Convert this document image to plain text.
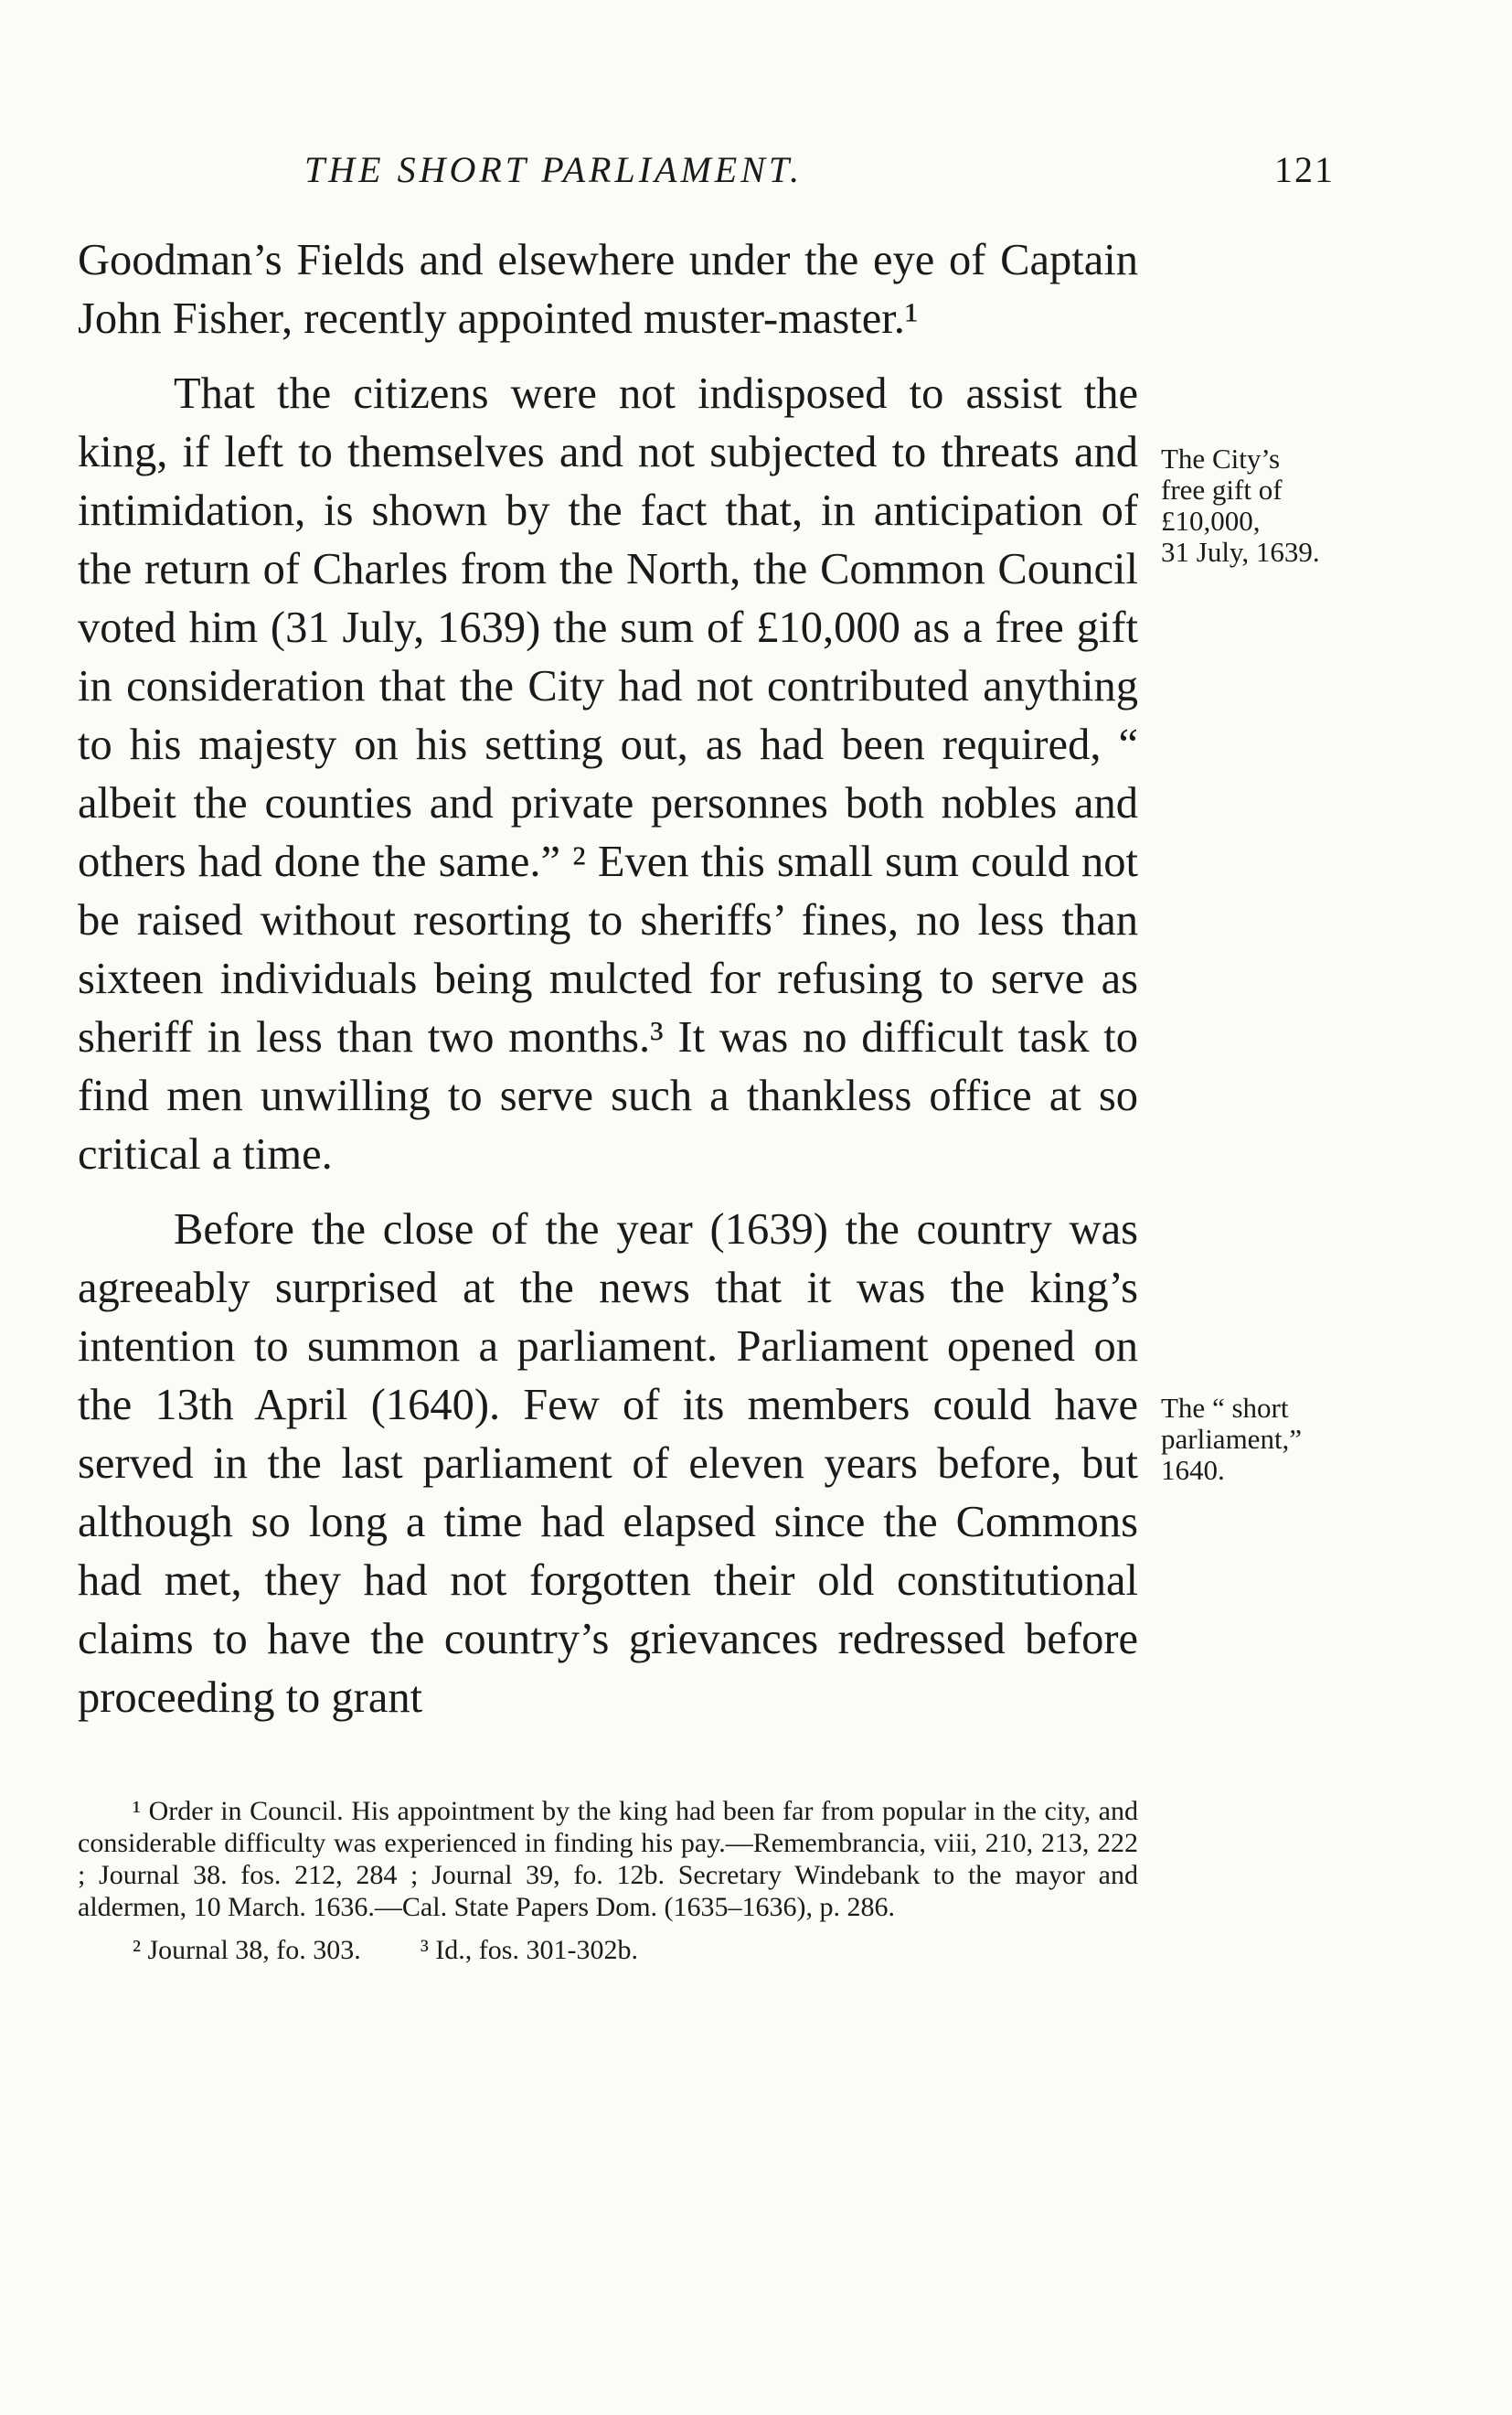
THE SHORT PARLIAMENT.	121

Goodman’s Fields and elsewhere under the eye of Captain John Fisher, recently appointed muster-master.¹

That the citizens were not indisposed to assist the king, if left to themselves and not subjected to threats and intimidation, is shown by the fact that, in anticipation of the return of Charles from the North, the Common Council voted him (31 July, 1639) the sum of £10,000 as a free gift in consideration that the City had not contributed anything to his majesty on his setting out, as had been required, “ albeit the counties and private personnes both nobles and others had done the same.” ² Even this small sum could not be raised without resorting to sheriffs’ fines, no less than sixteen individuals being mulcted for refusing to serve as sheriff in less than two months.³ It was no difficult task to find men unwilling to serve such a thankless office at so critical a time.

Before the close of the year (1639) the country was agreeably surprised at the news that it was the king’s intention to summon a parliament. Parliament opened on the 13th April (1640). Few of its members could have served in the last parliament of eleven years before, but although so long a time had elapsed since the Commons had met, they had not forgotten their old constitutional claims to have the country’s grievances redressed before proceeding to grant

The City’s
free gift of
£10,000,
31 July, 1639.
The “ short
parliament,”
1640.

¹ Order in Council. His appointment by the king had been far from popular in the city, and considerable difficulty was experienced in finding his pay.—Remembrancia, viii, 210, 213, 222 ; Journal 38. fos. 212, 284 ; Journal 39, fo. 12b. Secretary Windebank to the mayor and aldermen, 10 March. 1636.—Cal. State Papers Dom. (1635–1636), p. 286.

² Journal 38, fo. 303. ³ Id., fos. 301-302b.
